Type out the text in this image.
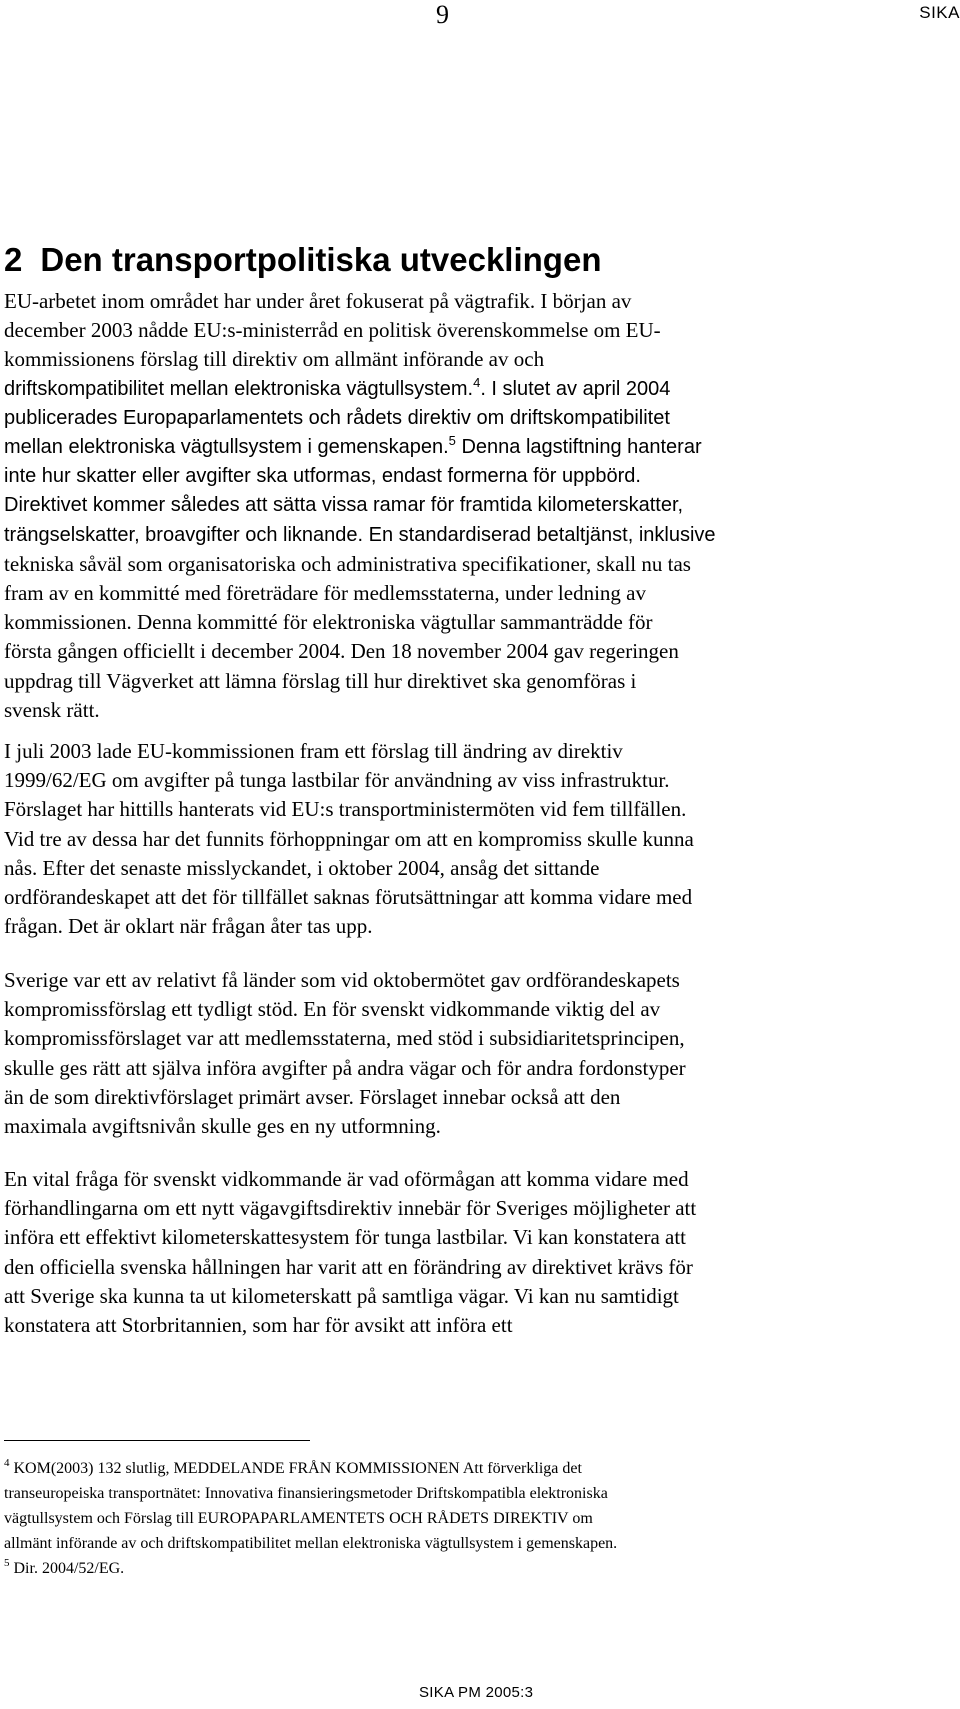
9	SIKA
2 Den transportpolitiska utvecklingen
EU-arbetet inom området har under året fokuserat på vägtrafik. I början av
december 2003 nådde EU:s-ministerråd en politisk överenskommelse om EU-
kommissionens förslag till direktiv om allmänt införande av och
driftskompatibilitet mellan elektroniska vägtullsystem.$^4$. I slutet av april 2004
publicerades Europaparlamentets och rådets direktiv om driftskompatibilitet
mellan elektroniska vägtullsystem i gemenskapen.$^5$ Denna lagstiftning hanterar
inte hur skatter eller avgifter ska utformas, endast formerna för uppbörd.
Direktivet kommer således att sätta vissa ramar för framtida kilometerskatter,
trängselskatter, broavgifter och liknande. En standardiserad betaltjänst, inklusive
tekniska såväl som organisatoriska och administrativa specifikationer, skall nu tas
fram av en kommitté med företrädare för medlemsstaterna, under ledning av
kommissionen. Denna kommitté för elektroniska vägtullar sammanträdde för
första gången officiellt i december 2004. Den 18 november 2004 gav regeringen
uppdrag till Vägverket att lämna förslag till hur direktivet ska genomföras i
svensk rätt.
I juli 2003 lade EU-kommissionen fram ett förslag till ändring av direktiv
1999/62/EG om avgifter på tunga lastbilar för användning av viss infrastruktur.
Förslaget har hittills hanterats vid EU:s transportministermöten vid fem tillfällen.
Vid tre av dessa har det funnits förhoppningar om att en kompromiss skulle kunna
nås. Efter det senaste misslyckandet, i oktober 2004, ansåg det sittande
ordförandeskapet att det för tillfället saknas förutsättningar att komma vidare med
frågan. Det är oklart när frågan åter tas upp.
Sverige var ett av relativt få länder som vid oktobermötet gav ordförandeskapets
kompromissförslag ett tydligt stöd. En för svenskt vidkommande viktig del av
kompromissförslaget var att medlemsstaterna, med stöd i subsidiaritetsprincipen,
skulle ges rätt att själva införa avgifter på andra vägar och för andra fordonstyper
än de som direktivförslaget primärt avser. Förslaget innebar också att den
maximala avgiftsnivån skulle ges en ny utformning.
En vital fråga för svenskt vidkommande är vad oförmågan att komma vidare med
förhandlingarna om ett nytt vägavgiftsdirektiv innebär för Sveriges möjligheter att
införa ett effektivt kilometerskattesystem för tunga lastbilar. Vi kan konstatera att
den officiella svenska hållningen har varit att en förändring av direktivet krävs för
att Sverige ska kunna ta ut kilometerskatt på samtliga vägar. Vi kan nu samtidigt
konstatera att Storbritannien, som har för avsikt att införa ett
$^4$ KOM(2003) 132 slutlig, MEDDELANDE FRÅN KOMMISSIONEN Att förverkliga det
transeuropeiska transportnätet: Innovativa finansieringsmetoder Driftskompatibla elektroniska
vägtullsystem och Förslag till EUROPAPARLAMENTETS OCH RÅDETS DIREKTIV om
allmänt införande av och driftskompatibilitet mellan elektroniska vägtullsystem i gemenskapen.
$^5$ Dir. 2004/52/EG.
SIKA PM 2005:3
